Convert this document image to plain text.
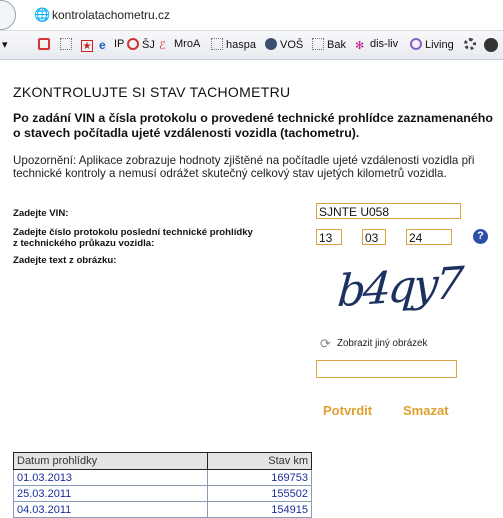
🌐 kontrolatachometru.cz
▾	★ e IP	ŠJ ℰ MroA	haspa	VOŠ	Bak ✻ dis-liv	Living
ZKONTROLUJTE SI STAV TACHOMETRU
Po zadání VIN a čísla protokolu o provedené technické prohlídce zaznamenaného
o stavech počítadla ujeté vzdálenosti vozidla (tachometru).
Upozornění: Aplikace zobrazuje hodnoty zjištěné na počítadle ujeté vzdálenosti vozidla při
technické kontroly a nemusí odrážet skutečný celkový stav ujetých kilometrů vozidla.
Zadejte VIN:	SJNTE U058
Zadejte číslo protokolu poslední technické prohlídky
z technického průkazu vozidla:	13	03	24	?
Zadejte text z obrázku:	b4qy7
⟳ Zobrazit jiný obrázek
Potvrdit Smazat
Datum prohlídky	Stav km
01.03.2013	169753
25.03.2011	155502
04.03.2011	154915
